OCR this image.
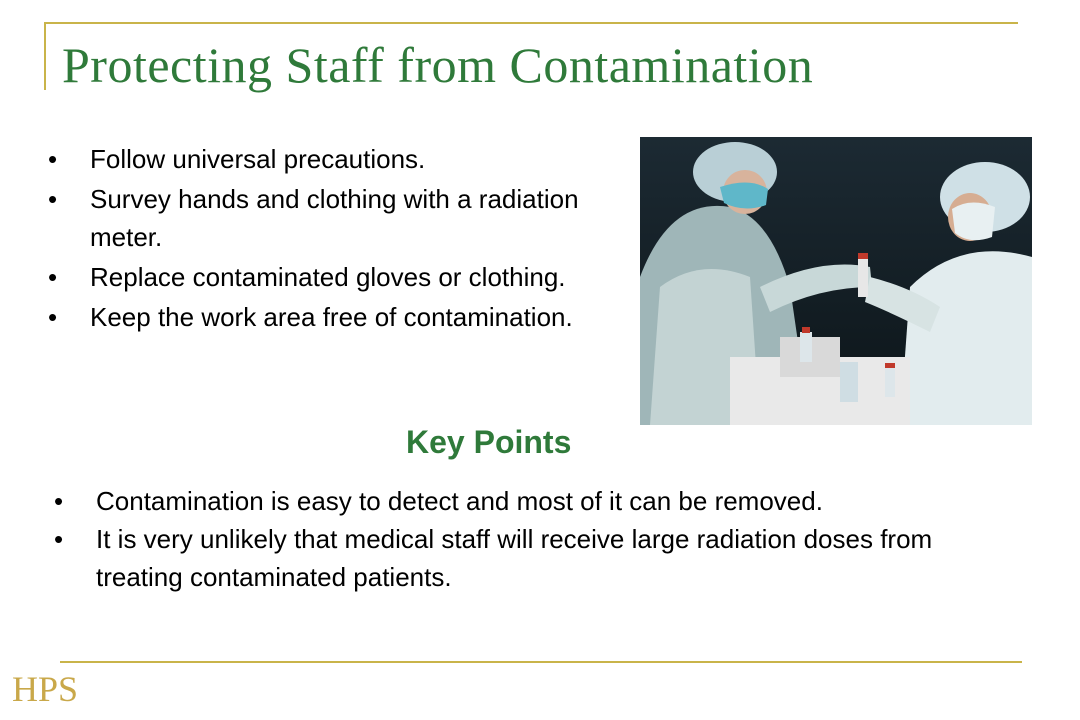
Protecting Staff from Contamination
• Follow universal precautions.
• Survey hands and clothing with a radiation meter.
• Replace contaminated gloves or clothing.
• Keep the work area free of contamination.
Key Points
• Contamination is easy to detect and most of it can be removed.
• It is very unlikely that medical staff will receive large radiation doses from treating contaminated patients.
HPS
